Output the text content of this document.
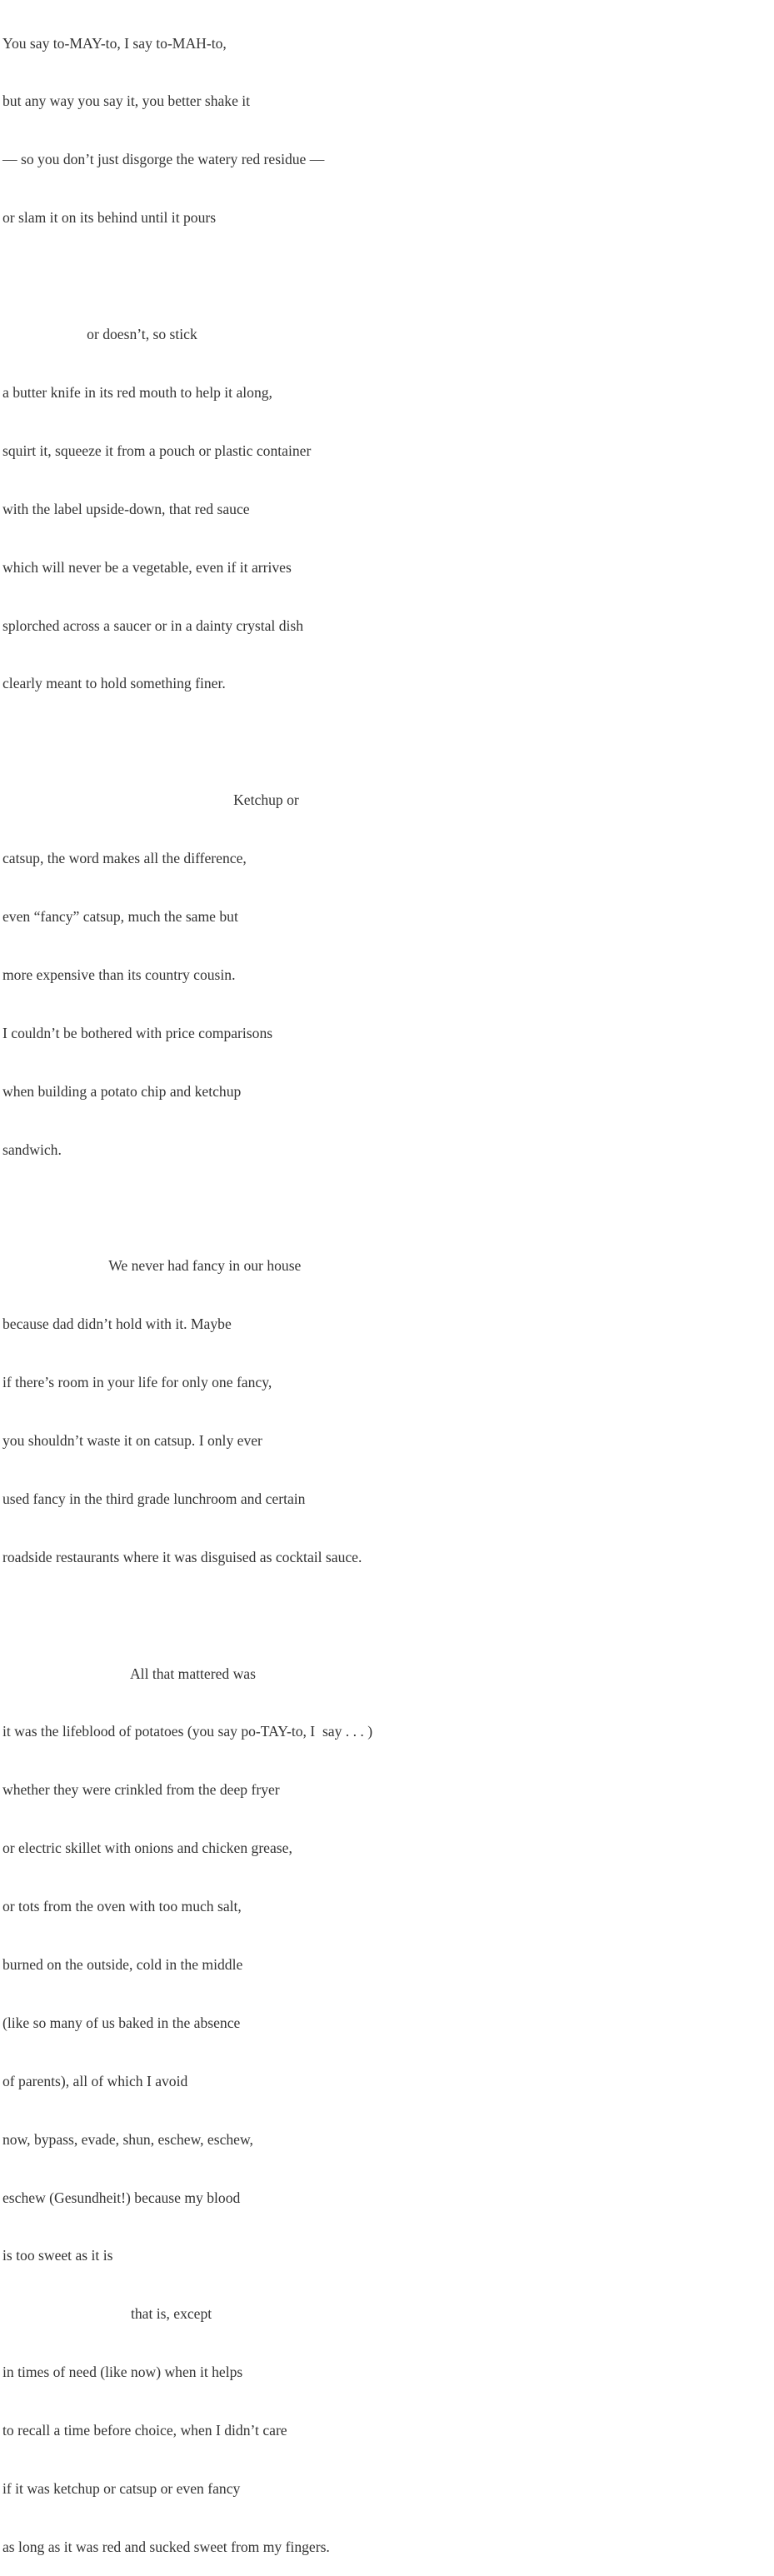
You say to-MAY-to, I say to-MAH-to,

but any way you say it, you better shake it

— so you don’t just disgorge the watery red residue —

or slam it on its behind until it pours

or doesn’t, so stick

a butter knife in its red mouth to help it along,

squirt it, squeeze it from a pouch or plastic container

with the label upside-down, that red sauce

which will never be a vegetable, even if it arrives

splorched across a saucer or in a dainty crystal dish

clearly meant to hold something finer.

Ketchup or

catsup, the word makes all the difference,

even “fancy” catsup, much the same but

more expensive than its country cousin.

I couldn’t be bothered with price comparisons

when building a potato chip and ketchup

sandwich.

We never had fancy in our house

because dad didn’t hold with it. Maybe

if there’s room in your life for only one fancy,

you shouldn’t waste it on catsup. I only ever

used fancy in the third grade lunchroom and certain

roadside restaurants where it was disguised as cocktail sauce.

All that mattered was

it was the lifeblood of potatoes (you say po-TAY-to, I  say . . . )

whether they were crinkled from the deep fryer

or electric skillet with onions and chicken grease,

or tots from the oven with too much salt,

burned on the outside, cold in the middle

(like so many of us baked in the absence

of parents), all of which I avoid

now, bypass, evade, shun, eschew, eschew,

eschew (Gesundheit!) because my blood

is too sweet as it is

that is, except

in times of need (like now) when it helps

to recall a time before choice, when I didn’t care

if it was ketchup or catsup or even fancy

as long as it was red and sucked sweet from my fingers.
